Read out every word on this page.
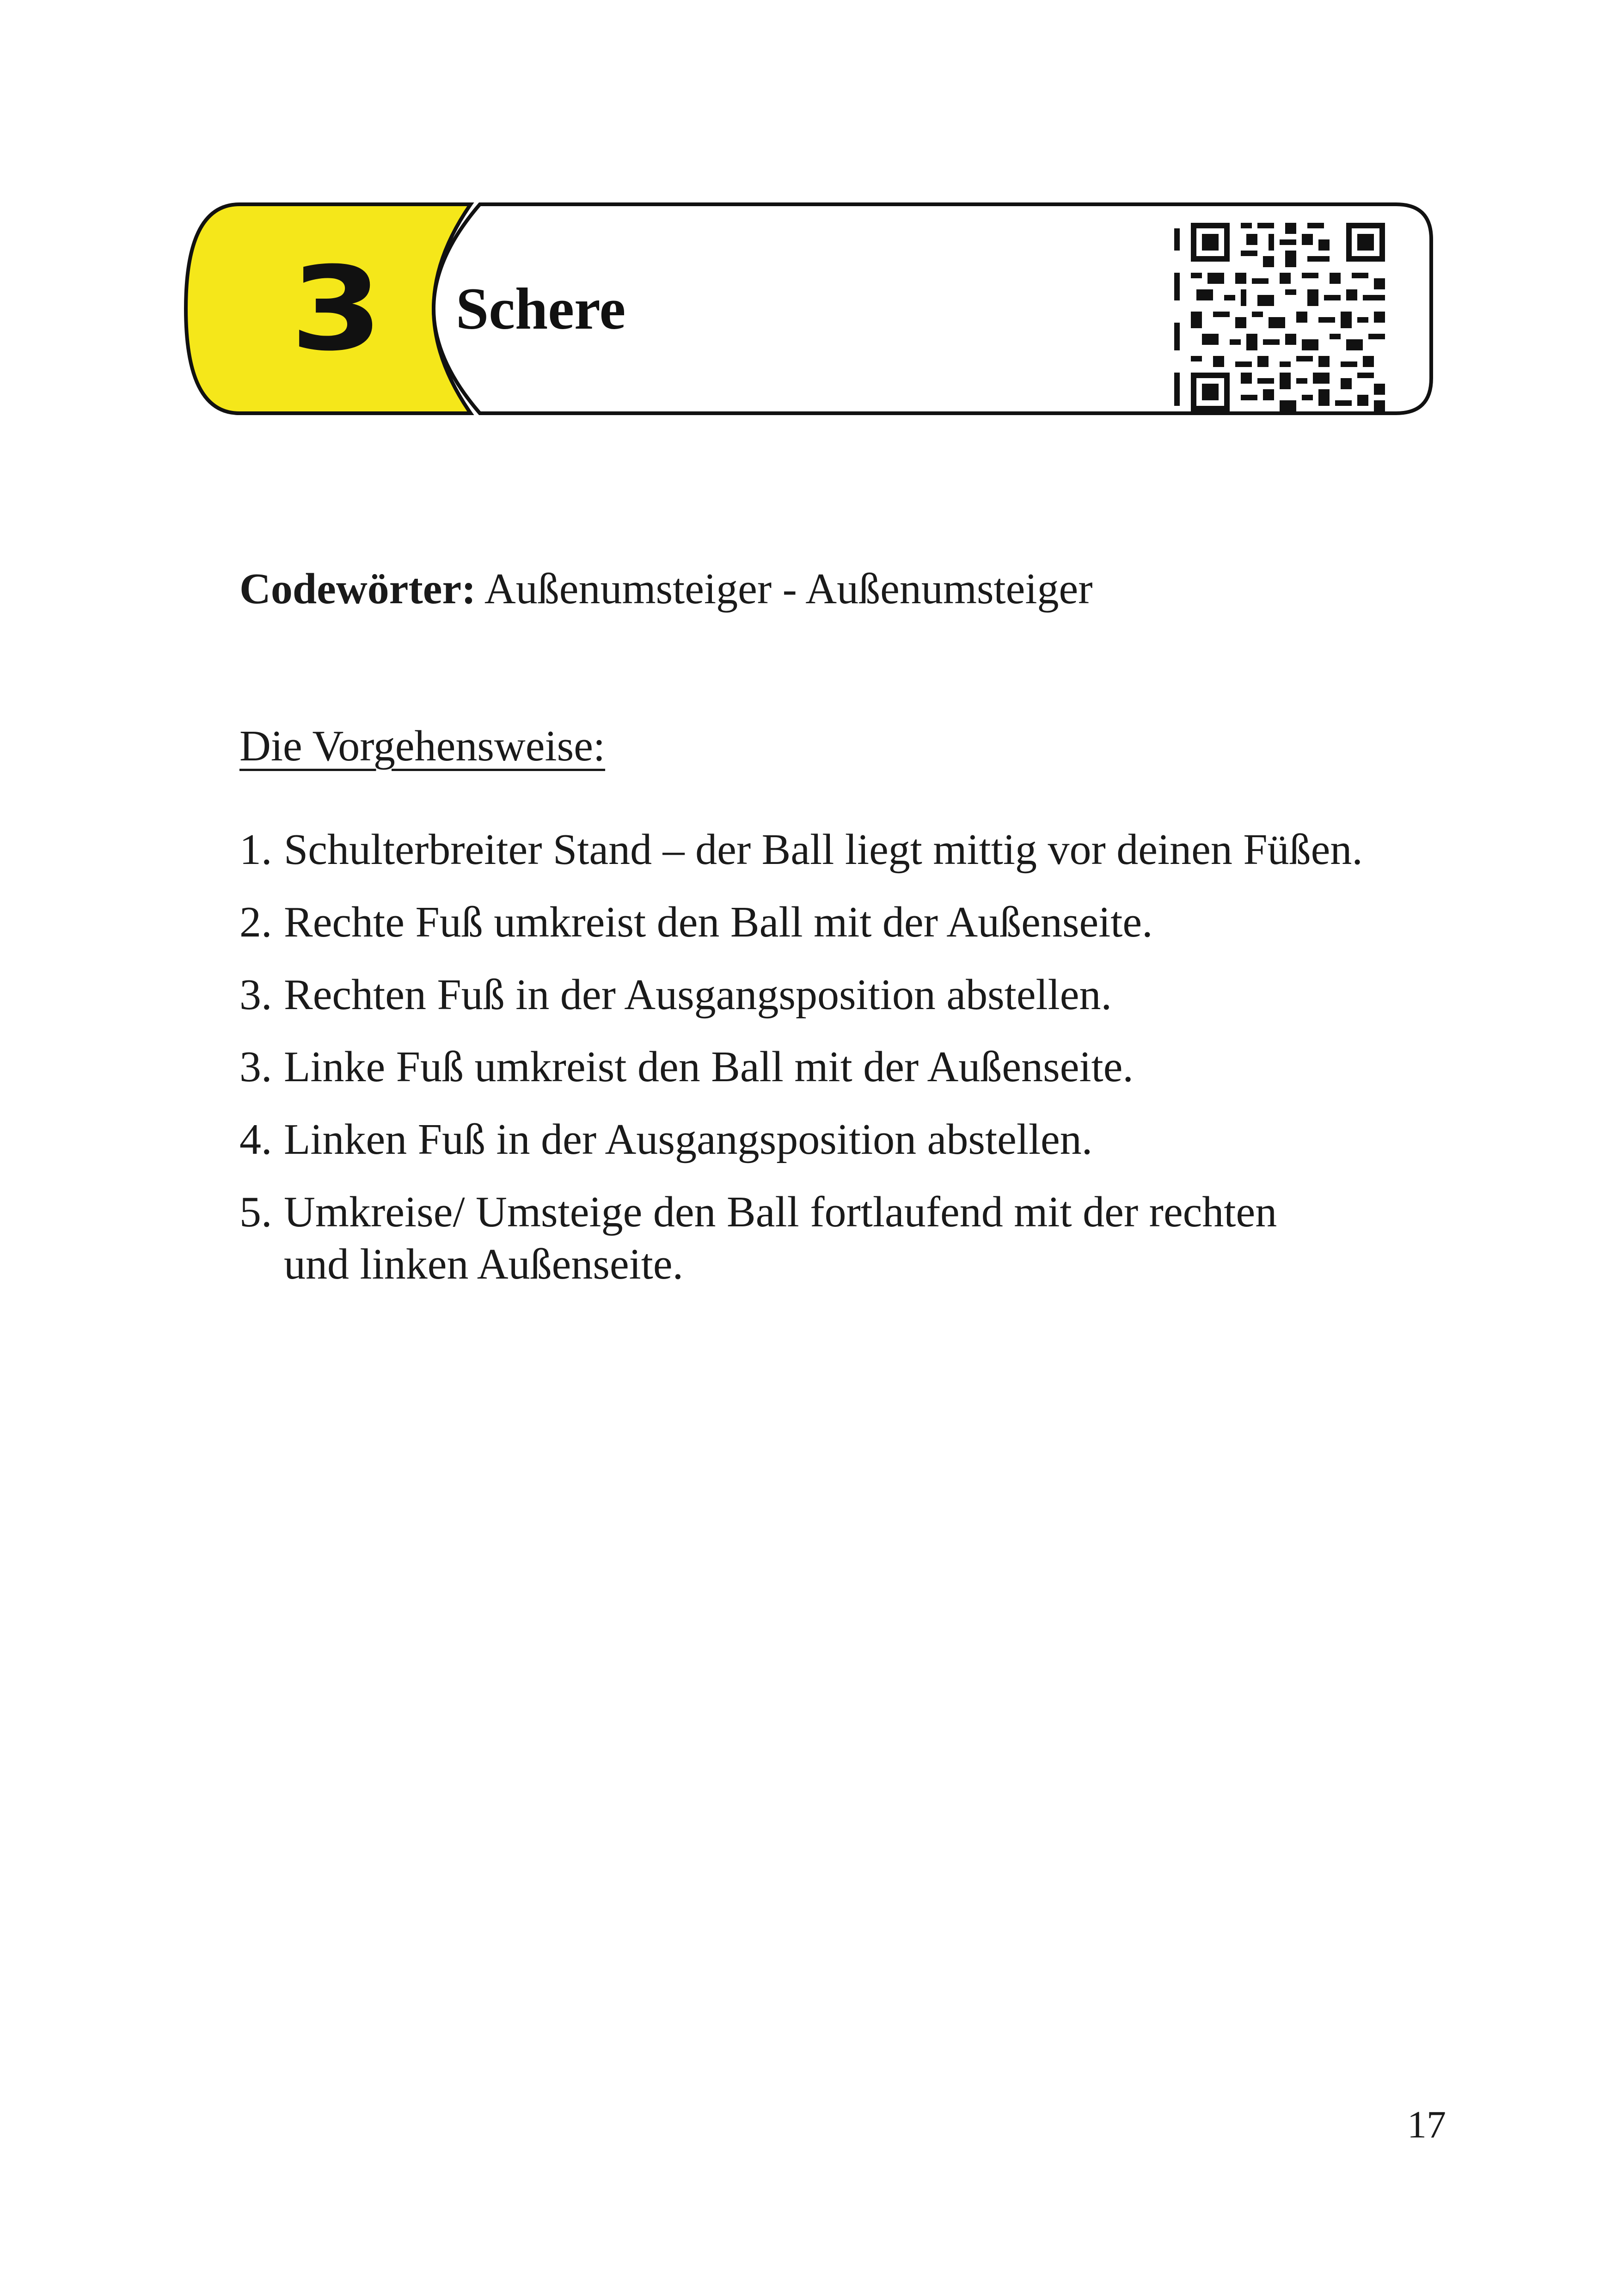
3	Schere
Codewörter: Außenumsteiger - Außenumsteiger
Die Vorgehensweise:
1. Schulterbreiter Stand – der Ball liegt mittig vor deinen Füßen.
2. Rechte Fuß umkreist den Ball mit der Außenseite.
3. Rechten Fuß in der Ausgangsposition abstellen.
3. Linke Fuß umkreist den Ball mit der Außenseite.
4. Linken Fuß in der Ausgangsposition abstellen.
5. Umkreise/ Umsteige den Ball fortlaufend mit der rechten
und linken Außenseite.
17
